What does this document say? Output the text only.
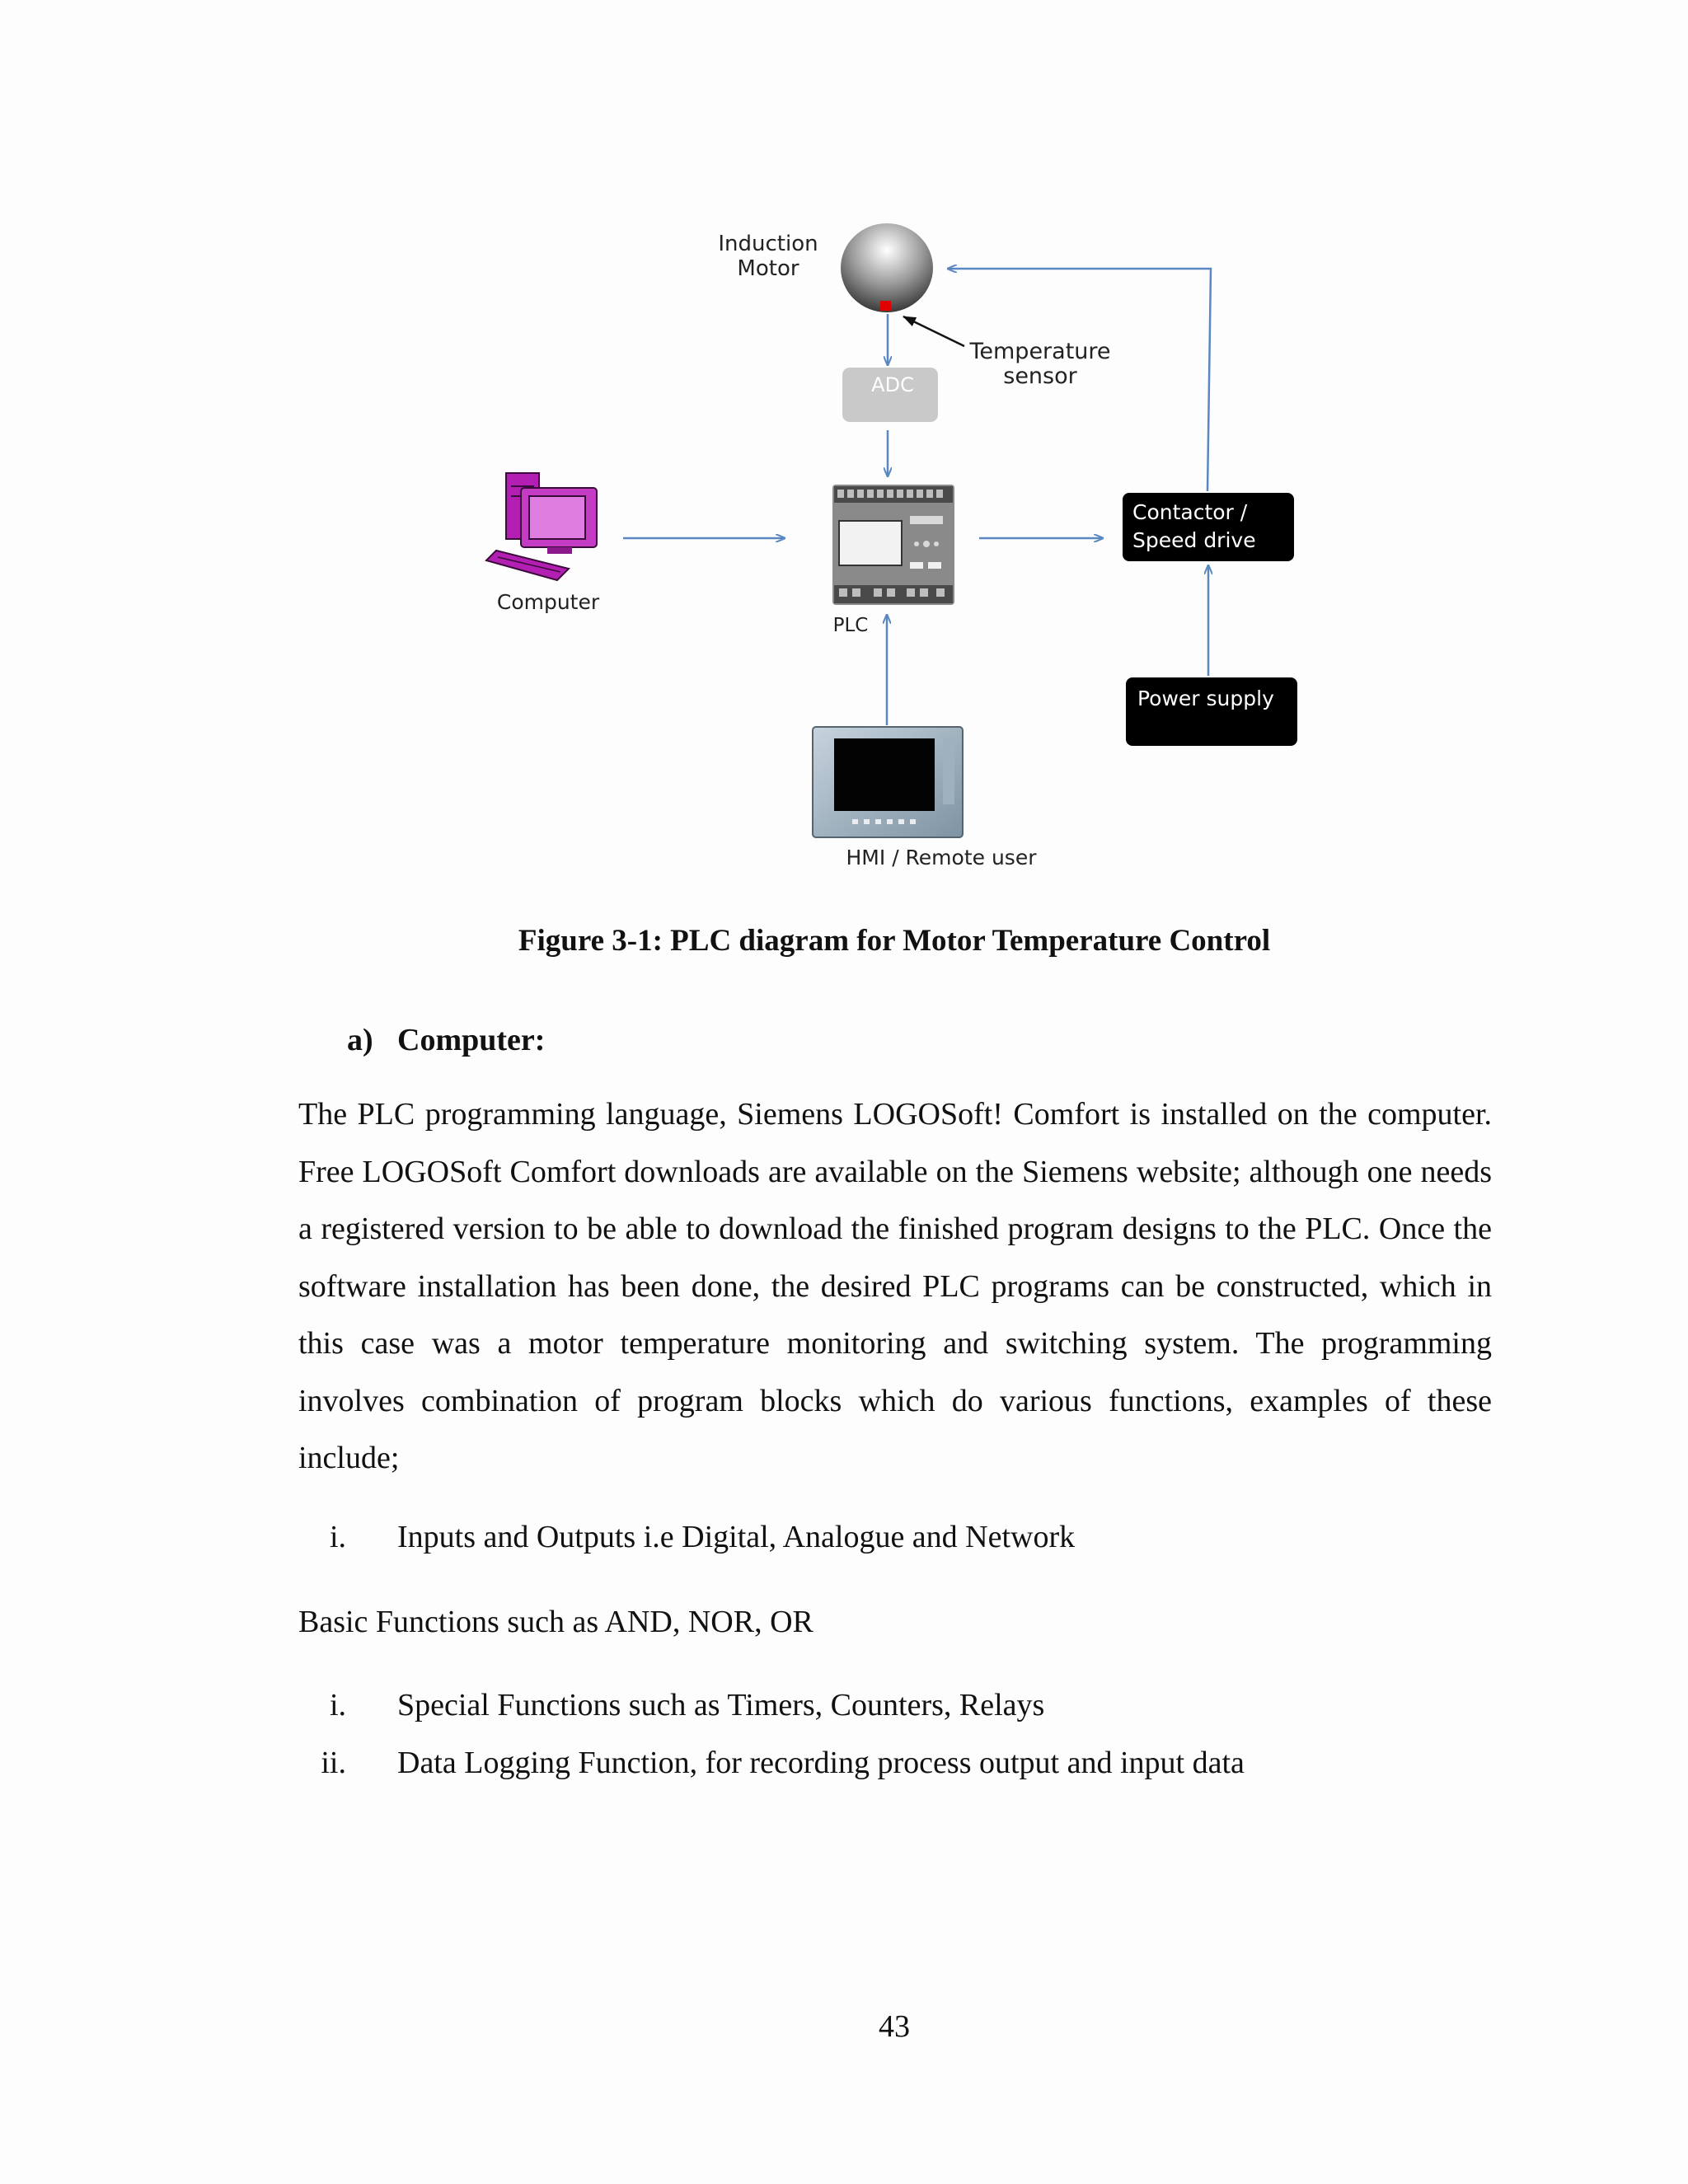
Induction
Motor
Temperature
sensor
ADC
PLC
Computer
Contactor /
Speed drive
Power supply
HMI / Remote user

Figure 3-1: PLC diagram for Motor Temperature Control

a) Computer:

The PLC programming language, Siemens LOGOSoft! Comfort is installed on the computer. Free LOGOSoft Comfort downloads are available on the Siemens website; although one needs a registered version to be able to download the finished program designs to the PLC. Once the software installation has been done, the desired PLC programs can be constructed, which in this case was a motor temperature monitoring and switching system. The programming involves combination of program blocks which do various functions, examples of these include;

i. Inputs and Outputs i.e Digital, Analogue and Network

Basic Functions such as AND, NOR, OR

i. Special Functions such as Timers, Counters, Relays

ii. Data Logging Function, for recording process output and input data

43
